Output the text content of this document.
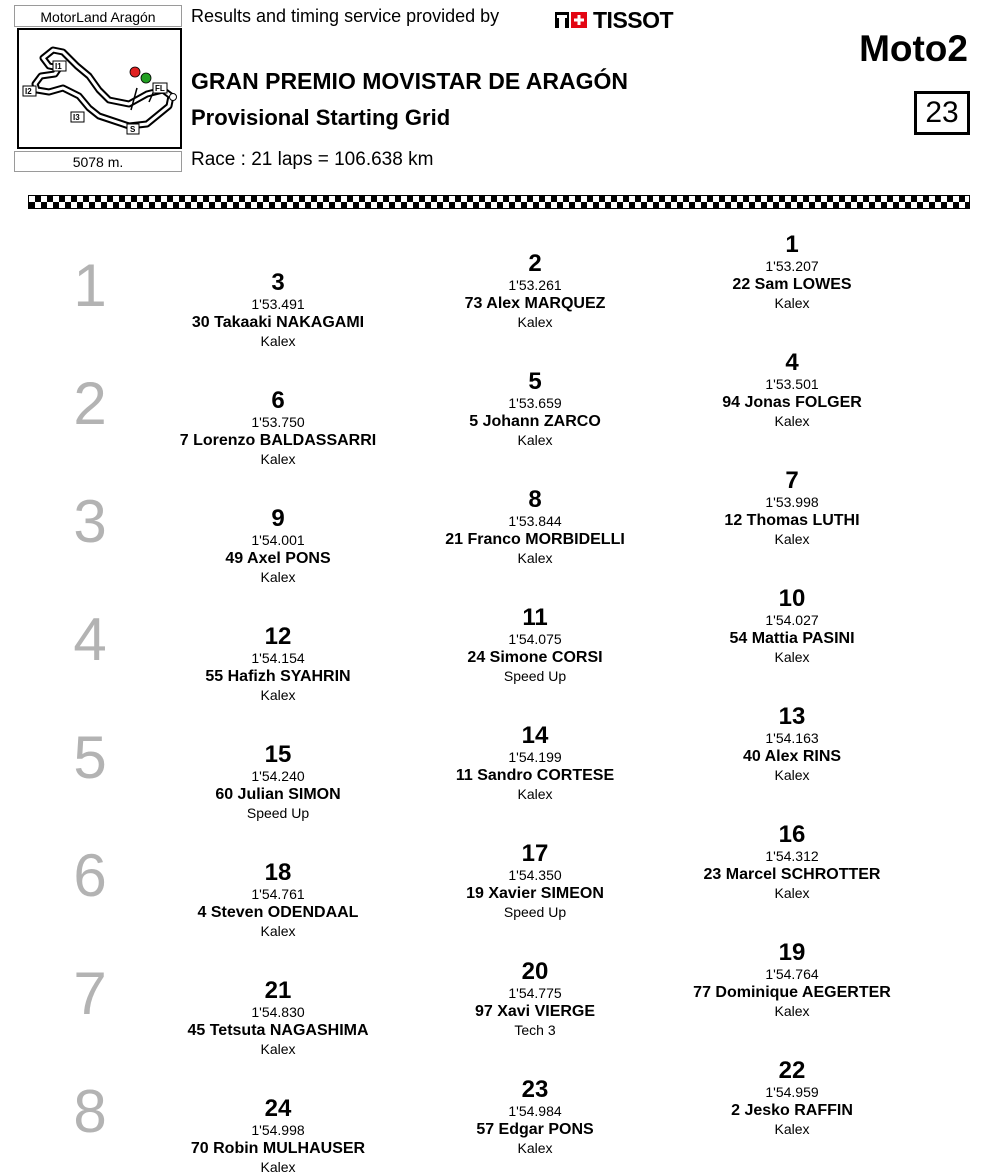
MotorLand Aragón
I1
I2
I3
FL
S
5078 m.
Results and timing service provided by	TISSOT
GRAN PREMIO MOVISTAR DE ARAGÓN
Provisional Starting Grid
Race : 21 laps = 106.638 km
Moto2
23
1	3
1'53.491
30 Takaaki NAKAGAMI
Kalex
2
1'53.261
73 Alex MARQUEZ
Kalex
1
1'53.207
22 Sam LOWES
Kalex
2	6
1'53.750
7 Lorenzo BALDASSARRI
Kalex
5
1'53.659
5 Johann ZARCO
Kalex
4
1'53.501
94 Jonas FOLGER
Kalex
3	9
1'54.001
49 Axel PONS
Kalex
8
1'53.844
21 Franco MORBIDELLI
Kalex
7
1'53.998
12 Thomas LUTHI
Kalex
4	12
1'54.154
55 Hafizh SYAHRIN
Kalex
11
1'54.075
24 Simone CORSI
Speed Up
10
1'54.027
54 Mattia PASINI
Kalex
5	15
1'54.240
60 Julian SIMON
Speed Up
14
1'54.199
11 Sandro CORTESE
Kalex
13
1'54.163
40 Alex RINS
Kalex
6	18
1'54.761
4 Steven ODENDAAL
Kalex
17
1'54.350
19 Xavier SIMEON
Speed Up
16
1'54.312
23 Marcel SCHROTTER
Kalex
7	21
1'54.830
45 Tetsuta NAGASHIMA
Kalex
20
1'54.775
97 Xavi VIERGE
Tech 3
19
1'54.764
77 Dominique AEGERTER
Kalex
8	24
1'54.998
70 Robin MULHAUSER
Kalex
23
1'54.984
57 Edgar PONS
Kalex
22
1'54.959
2 Jesko RAFFIN
Kalex
